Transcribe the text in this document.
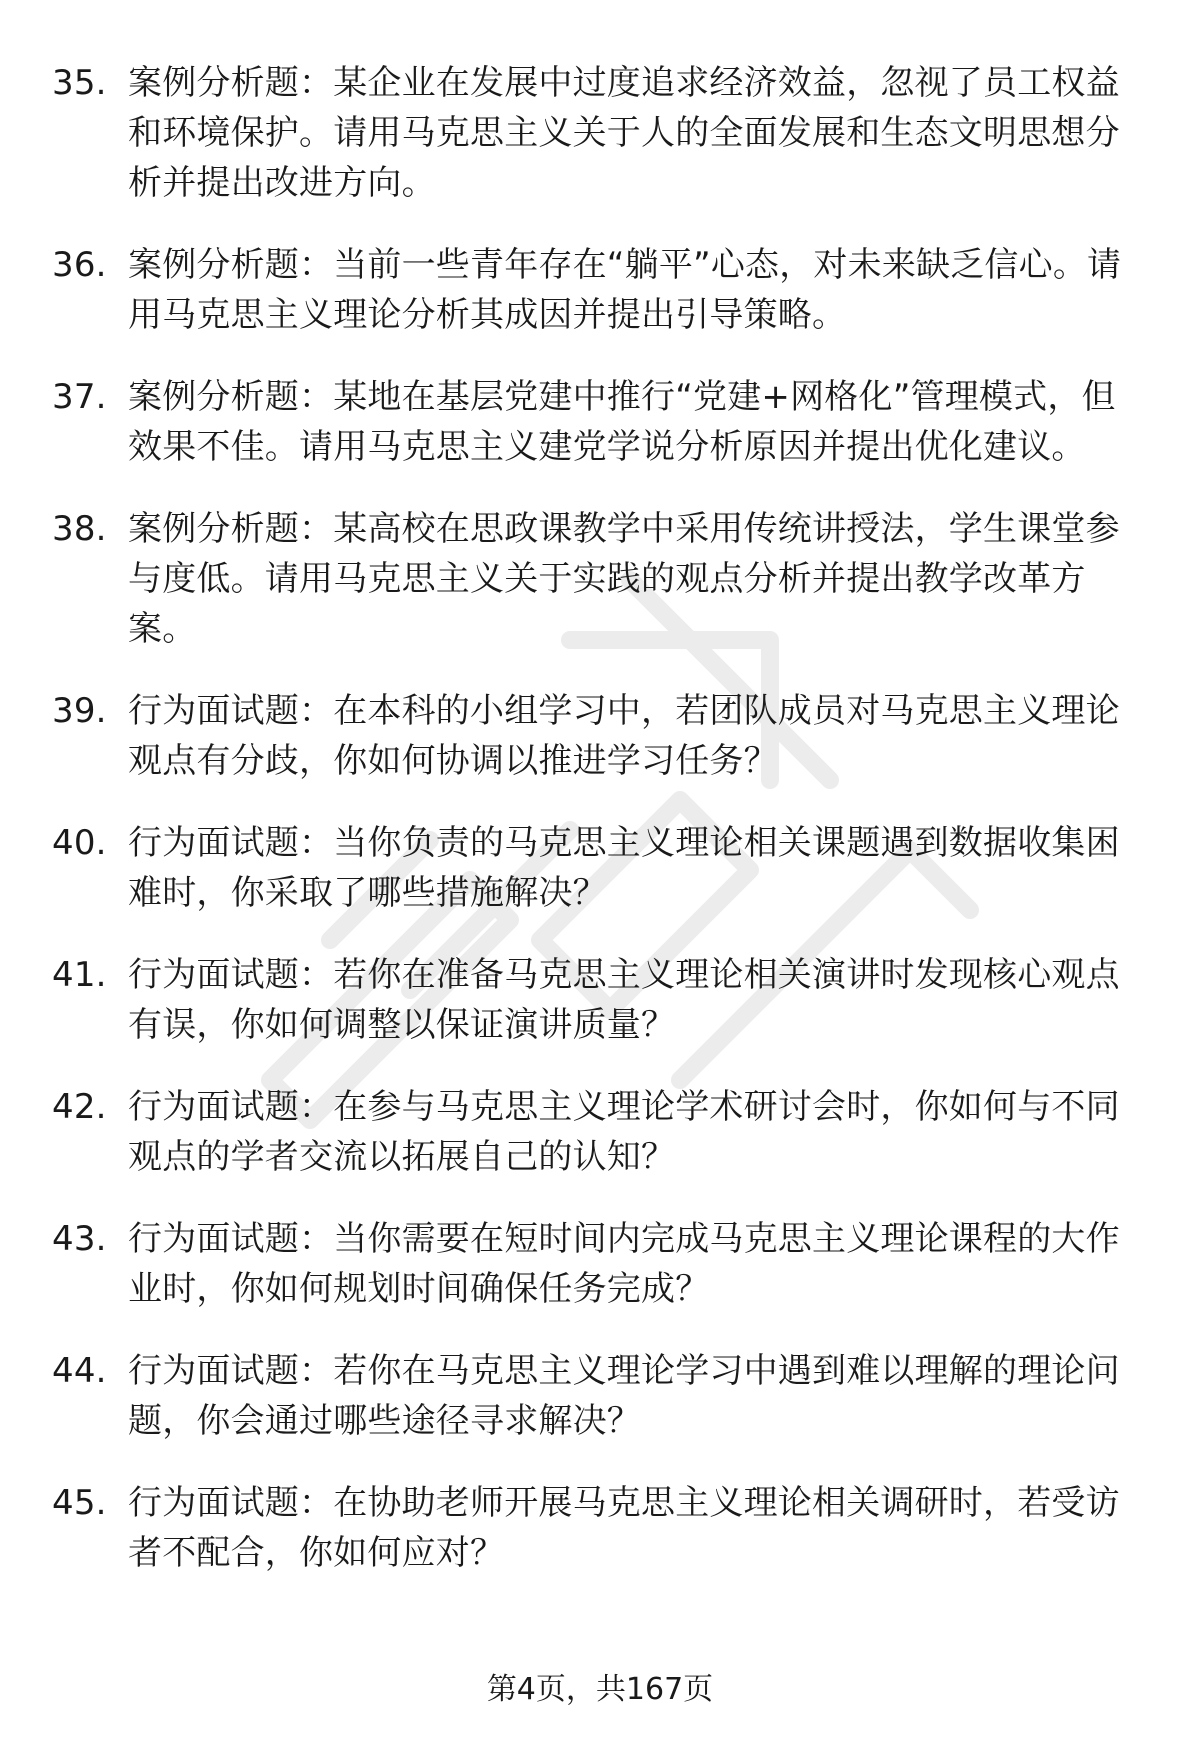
35. 案例分析题：某企业在发展中过度追求经济效益，忽视了员工权益和环境保护。请用马克思主义关于人的全面发展和生态文明思想分析并提出改进方向。
36. 案例分析题：当前一些青年存在“躺平”心态，对未来缺乏信心。请用马克思主义理论分析其成因并提出引导策略。
37. 案例分析题：某地在基层党建中推行“党建+网格化”管理模式，但效果不佳。请用马克思主义建党学说分析原因并提出优化建议。
38. 案例分析题：某高校在思政课教学中采用传统讲授法，学生课堂参与度低。请用马克思主义关于实践的观点分析并提出教学改革方案。
39. 行为面试题：在本科的小组学习中，若团队成员对马克思主义理论观点有分歧，你如何协调以推进学习任务？
40. 行为面试题：当你负责的马克思主义理论相关课题遇到数据收集困难时，你采取了哪些措施解决？
41. 行为面试题：若你在准备马克思主义理论相关演讲时发现核心观点有误，你如何调整以保证演讲质量？
42. 行为面试题：在参与马克思主义理论学术研讨会时，你如何与不同观点的学者交流以拓展自己的认知？
43. 行为面试题：当你需要在短时间内完成马克思主义理论课程的大作业时，你如何规划时间确保任务完成？
44. 行为面试题：若你在马克思主义理论学习中遇到难以理解的理论问题，你会通过哪些途径寻求解决？
45. 行为面试题：在协助老师开展马克思主义理论相关调研时，若受访者不配合，你如何应对？
第4页，共167页
